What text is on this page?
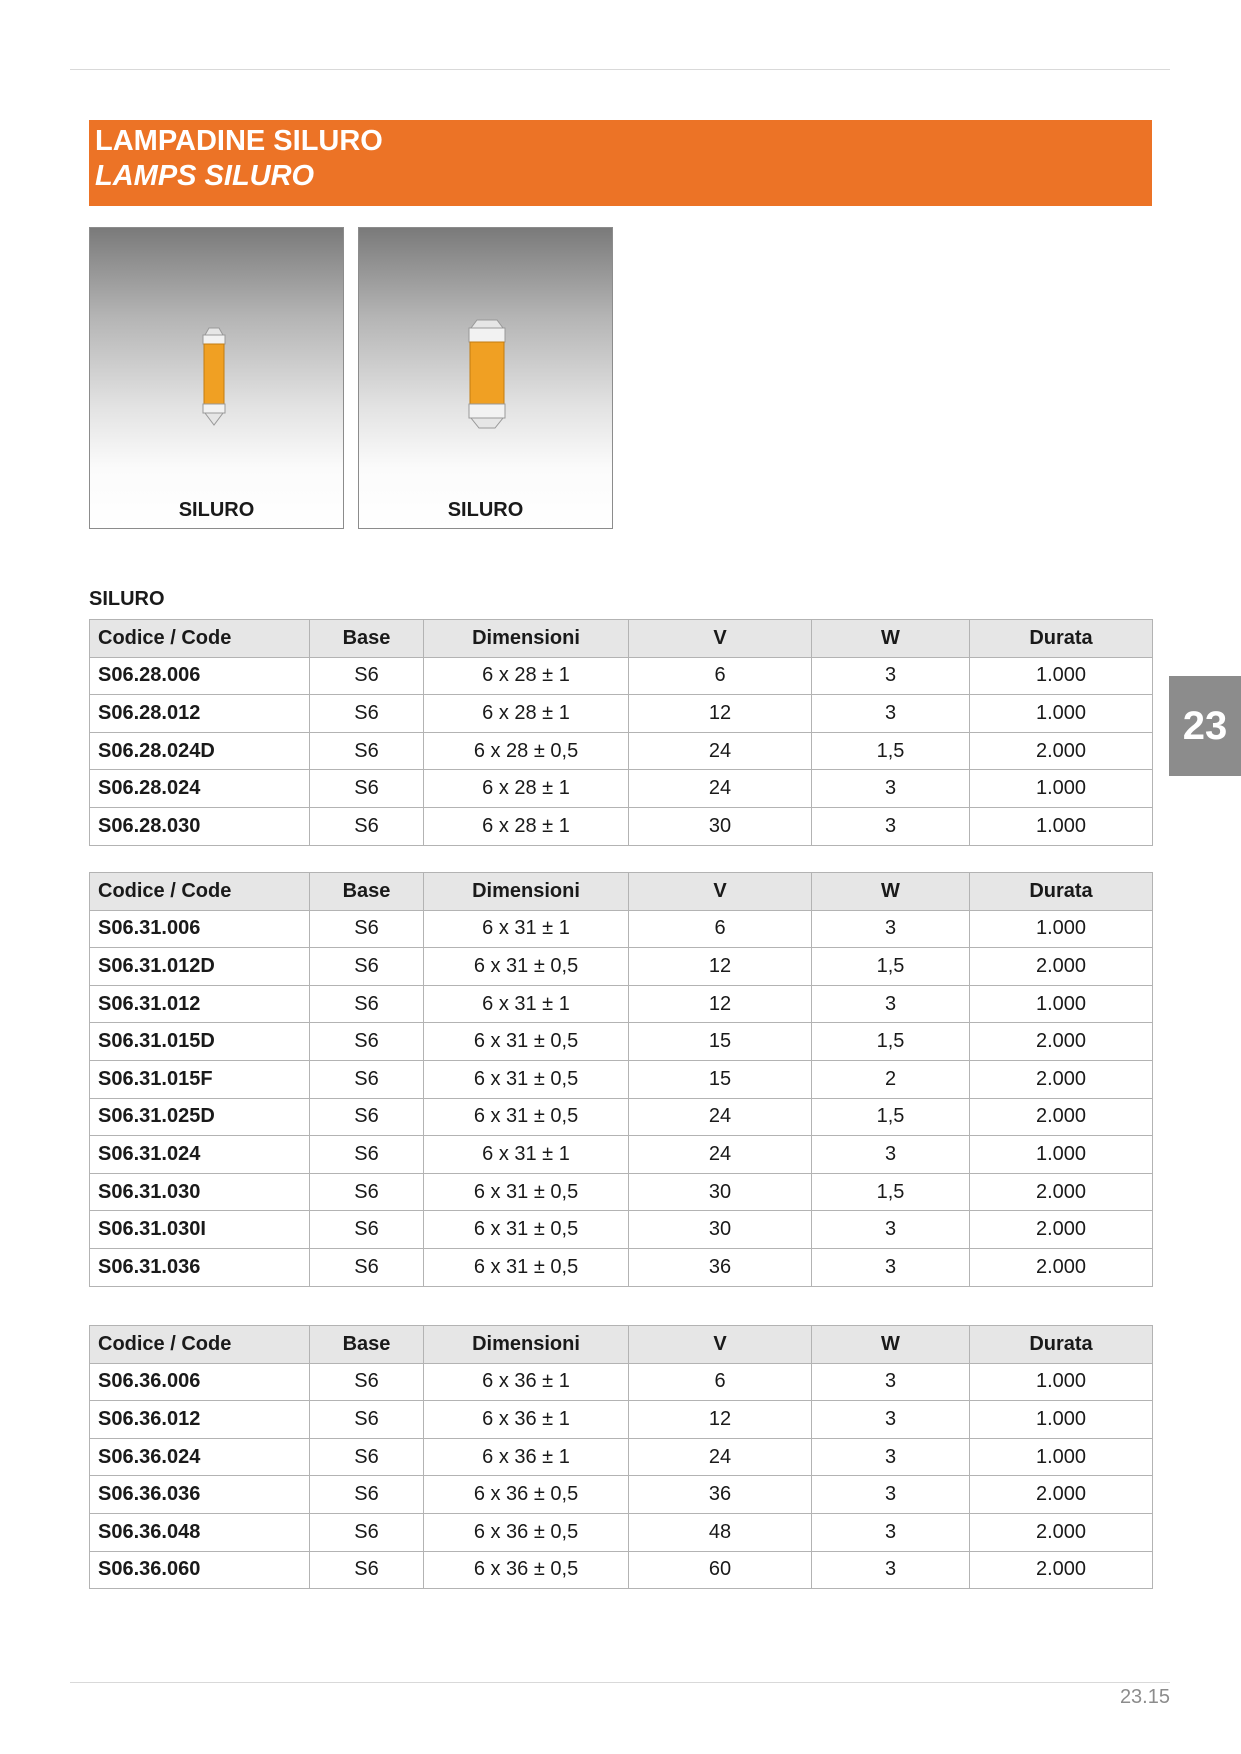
LAMPADINE SILURO
LAMPS SILURO
SILURO	SILURO
SILURO
Codice / Code	Base	Dimensioni	V	W	Durata
S06.28.006	S6	6 x 28 ± 1	6	3	1.000
S06.28.012	S6	6 x 28 ± 1	12	3	1.000
S06.28.024D	S6	6 x 28 ± 0,5	24	1,5	2.000
S06.28.024	S6	6 x 28 ± 1	24	3	1.000
S06.28.030	S6	6 x 28 ± 1	30	3	1.000
Codice / Code	Base	Dimensioni	V	W	Durata
S06.31.006	S6	6 x 31 ± 1	6	3	1.000
S06.31.012D	S6	6 x 31 ± 0,5	12	1,5	2.000
S06.31.012	S6	6 x 31 ± 1	12	3	1.000
S06.31.015D	S6	6 x 31 ± 0,5	15	1,5	2.000
S06.31.015F	S6	6 x 31 ± 0,5	15	2	2.000
S06.31.025D	S6	6 x 31 ± 0,5	24	1,5	2.000
S06.31.024	S6	6 x 31 ± 1	24	3	1.000
S06.31.030	S6	6 x 31 ± 0,5	30	1,5	2.000
S06.31.030I	S6	6 x 31 ± 0,5	30	3	2.000
S06.31.036	S6	6 x 31 ± 0,5	36	3	2.000
Codice / Code	Base	Dimensioni	V	W	Durata
S06.36.006	S6	6 x 36 ± 1	6	3	1.000
S06.36.012	S6	6 x 36 ± 1	12	3	1.000
S06.36.024	S6	6 x 36 ± 1	24	3	1.000
S06.36.036	S6	6 x 36 ± 0,5	36	3	2.000
S06.36.048	S6	6 x 36 ± 0,5	48	3	2.000
S06.36.060	S6	6 x 36 ± 0,5	60	3	2.000
23
23.15
